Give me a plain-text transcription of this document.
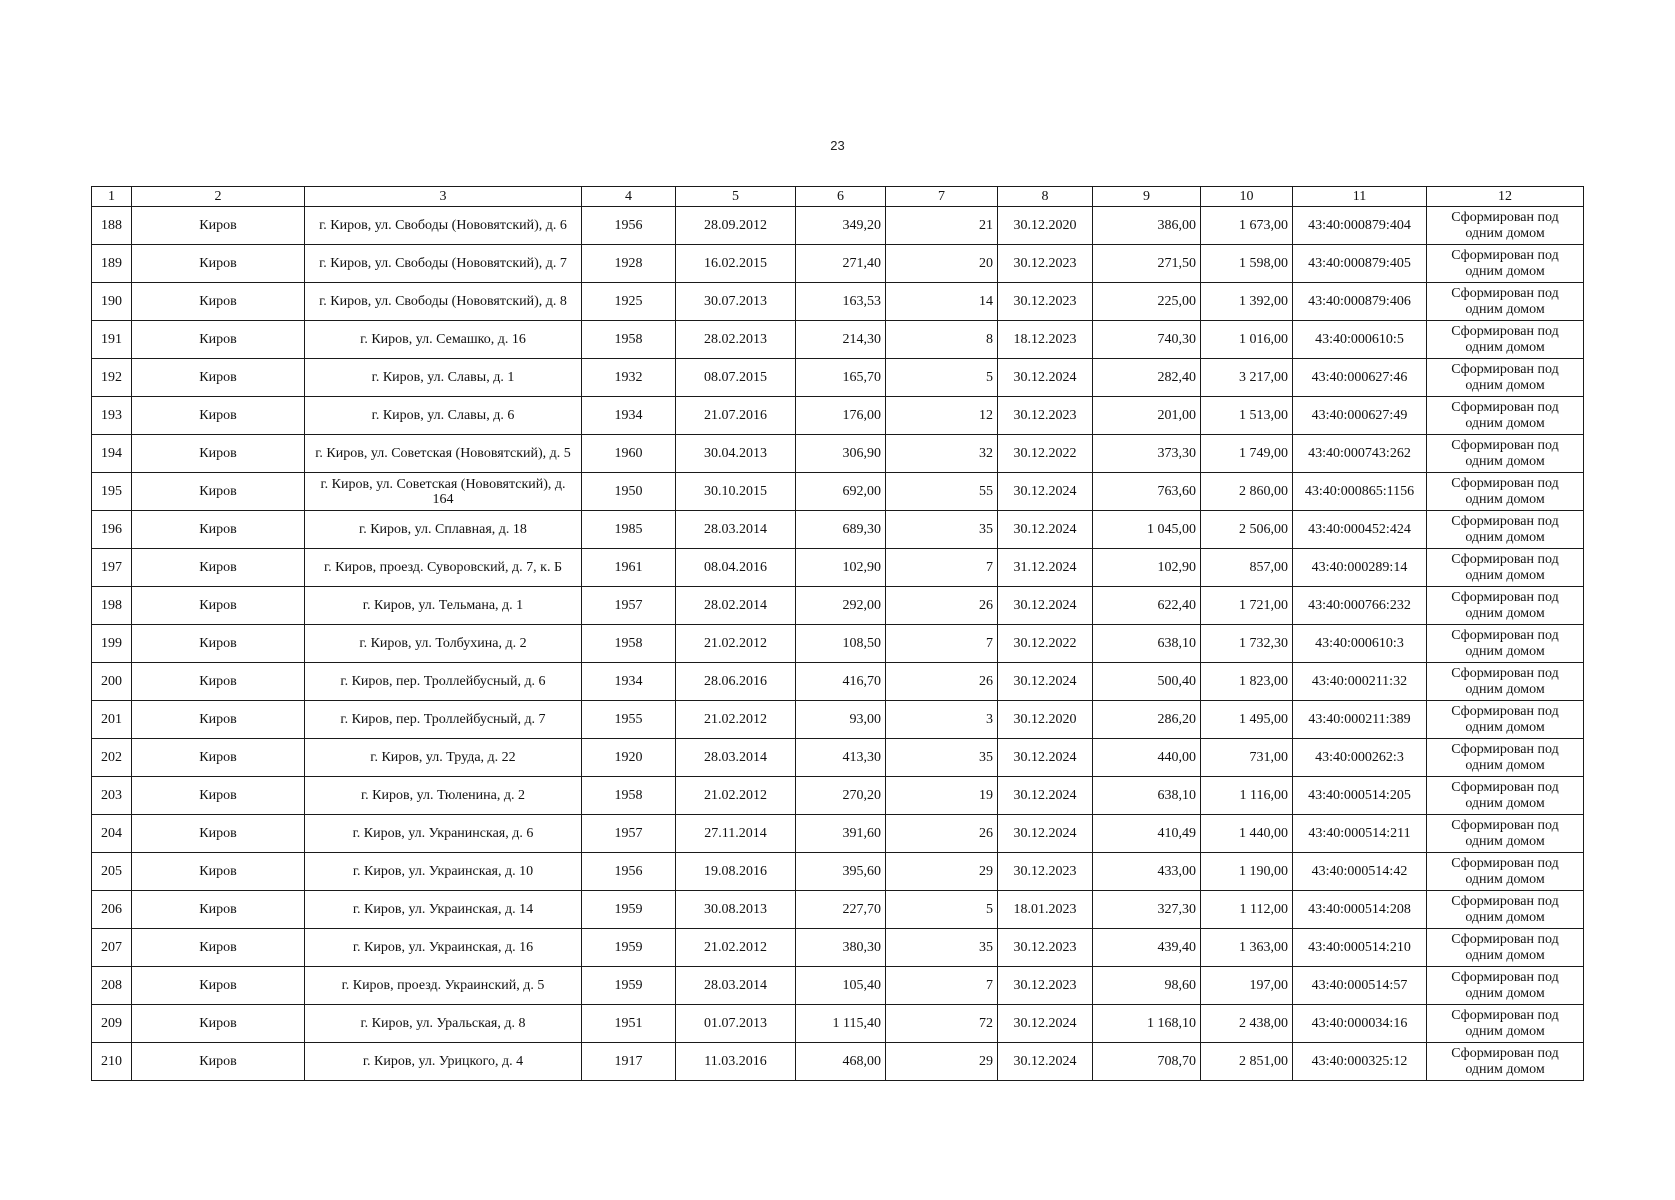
23
1	2	3	4	5	6	7	8	9	10	11	12
188	Киров	г. Киров, ул. Свободы (Нововятский), д. 6	1956	28.09.2012	349,20	21	30.12.2020	386,00	1 673,00	43:40:000879:404	Сформирован под одним домом
189	Киров	г. Киров, ул. Свободы (Нововятский), д. 7	1928	16.02.2015	271,40	20	30.12.2023	271,50	1 598,00	43:40:000879:405	Сформирован под одним домом
190	Киров	г. Киров, ул. Свободы (Нововятский), д. 8	1925	30.07.2013	163,53	14	30.12.2023	225,00	1 392,00	43:40:000879:406	Сформирован под одним домом
191	Киров	г. Киров, ул. Семашко, д. 16	1958	28.02.2013	214,30	8	18.12.2023	740,30	1 016,00	43:40:000610:5	Сформирован под одним домом
192	Киров	г. Киров, ул. Славы, д. 1	1932	08.07.2015	165,70	5	30.12.2024	282,40	3 217,00	43:40:000627:46	Сформирован под одним домом
193	Киров	г. Киров, ул. Славы, д. 6	1934	21.07.2016	176,00	12	30.12.2023	201,00	1 513,00	43:40:000627:49	Сформирован под одним домом
194	Киров	г. Киров, ул. Советская (Нововятский), д. 5	1960	30.04.2013	306,90	32	30.12.2022	373,30	1 749,00	43:40:000743:262	Сформирован под одним домом
195	Киров	г. Киров, ул. Советская (Нововятский), д. 164	1950	30.10.2015	692,00	55	30.12.2024	763,60	2 860,00	43:40:000865:1156	Сформирован под одним домом
196	Киров	г. Киров, ул. Сплавная, д. 18	1985	28.03.2014	689,30	35	30.12.2024	1 045,00	2 506,00	43:40:000452:424	Сформирован под одним домом
197	Киров	г. Киров, проезд. Суворовский, д. 7, к. Б	1961	08.04.2016	102,90	7	31.12.2024	102,90	857,00	43:40:000289:14	Сформирован под одним домом
198	Киров	г. Киров, ул. Тельмана, д. 1	1957	28.02.2014	292,00	26	30.12.2024	622,40	1 721,00	43:40:000766:232	Сформирован под одним домом
199	Киров	г. Киров, ул. Толбухина, д. 2	1958	21.02.2012	108,50	7	30.12.2022	638,10	1 732,30	43:40:000610:3	Сформирован под одним домом
200	Киров	г. Киров, пер. Троллейбусный, д. 6	1934	28.06.2016	416,70	26	30.12.2024	500,40	1 823,00	43:40:000211:32	Сформирован под одним домом
201	Киров	г. Киров, пер. Троллейбусный, д. 7	1955	21.02.2012	93,00	3	30.12.2020	286,20	1 495,00	43:40:000211:389	Сформирован под одним домом
202	Киров	г. Киров, ул. Труда, д. 22	1920	28.03.2014	413,30	35	30.12.2024	440,00	731,00	43:40:000262:3	Сформирован под одним домом
203	Киров	г. Киров, ул. Тюленина, д. 2	1958	21.02.2012	270,20	19	30.12.2024	638,10	1 116,00	43:40:000514:205	Сформирован под одним домом
204	Киров	г. Киров, ул. Укранинская, д. 6	1957	27.11.2014	391,60	26	30.12.2024	410,49	1 440,00	43:40:000514:211	Сформирован под одним домом
205	Киров	г. Киров, ул. Украинская, д. 10	1956	19.08.2016	395,60	29	30.12.2023	433,00	1 190,00	43:40:000514:42	Сформирован под одним домом
206	Киров	г. Киров, ул. Украинская, д. 14	1959	30.08.2013	227,70	5	18.01.2023	327,30	1 112,00	43:40:000514:208	Сформирован под одним домом
207	Киров	г. Киров, ул. Украинская, д. 16	1959	21.02.2012	380,30	35	30.12.2023	439,40	1 363,00	43:40:000514:210	Сформирован под одним домом
208	Киров	г. Киров, проезд. Украинский, д. 5	1959	28.03.2014	105,40	7	30.12.2023	98,60	197,00	43:40:000514:57	Сформирован под одним домом
209	Киров	г. Киров, ул. Уральская, д. 8	1951	01.07.2013	1 115,40	72	30.12.2024	1 168,10	2 438,00	43:40:000034:16	Сформирован под одним домом
210	Киров	г. Киров, ул. Урицкого, д. 4	1917	11.03.2016	468,00	29	30.12.2024	708,70	2 851,00	43:40:000325:12	Сформирован под одним домом
